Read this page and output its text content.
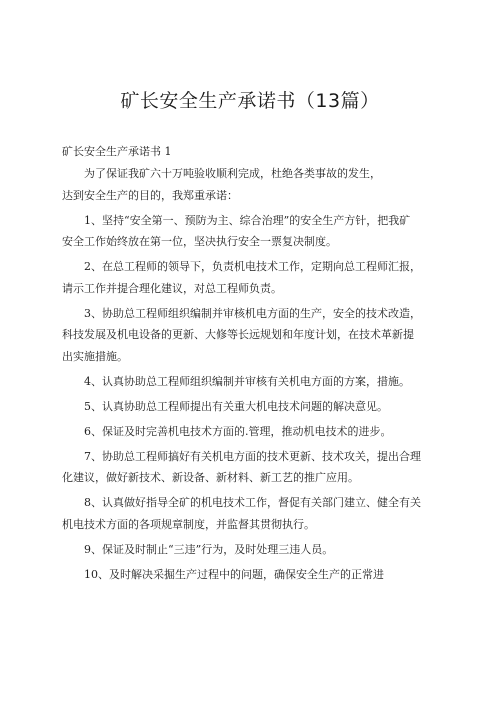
矿长安全生产承诺书（13篇）
矿长安全生产承诺书 1
为了保证我矿六十万吨验收顺利完成，杜绝各类事故的发生，
达到安全生产的目的，我郑重承诺：
1、坚持“安全第一、预防为主、综合治理”的安全生产方针，把我矿
安全工作始终放在第一位，坚决执行安全一票复决制度。
2、在总工程师的领导下，负责机电技术工作，定期向总工程师汇报，
请示工作并提合理化建议，对总工程师负责。
3、协助总工程师组织编制并审核机电方面的生产，安全的技术改造，
科技发展及机电设备的更新、大修等长远规划和年度计划，在技术革新提
出实施措施。
4、认真协助总工程师组织编制并审核有关机电方面的方案，措施。
5、认真协助总工程师提出有关重大机电技术问题的解决意见。
6、保证及时完善机电技术方面的.管理，推动机电技术的进步。
7、协助总工程师搞好有关机电方面的技术更新、技术攻关，提出合理
化建议，做好新技术、新设备、新材料、新工艺的推广应用。
8、认真做好指导全矿的机电技术工作，督促有关部门建立、健全有关
机电技术方面的各项规章制度，并监督其贯彻执行。
9、保证及时制止“三违”行为，及时处理三违人员。
10、及时解决采掘生产过程中的问题，确保安全生产的正常进
